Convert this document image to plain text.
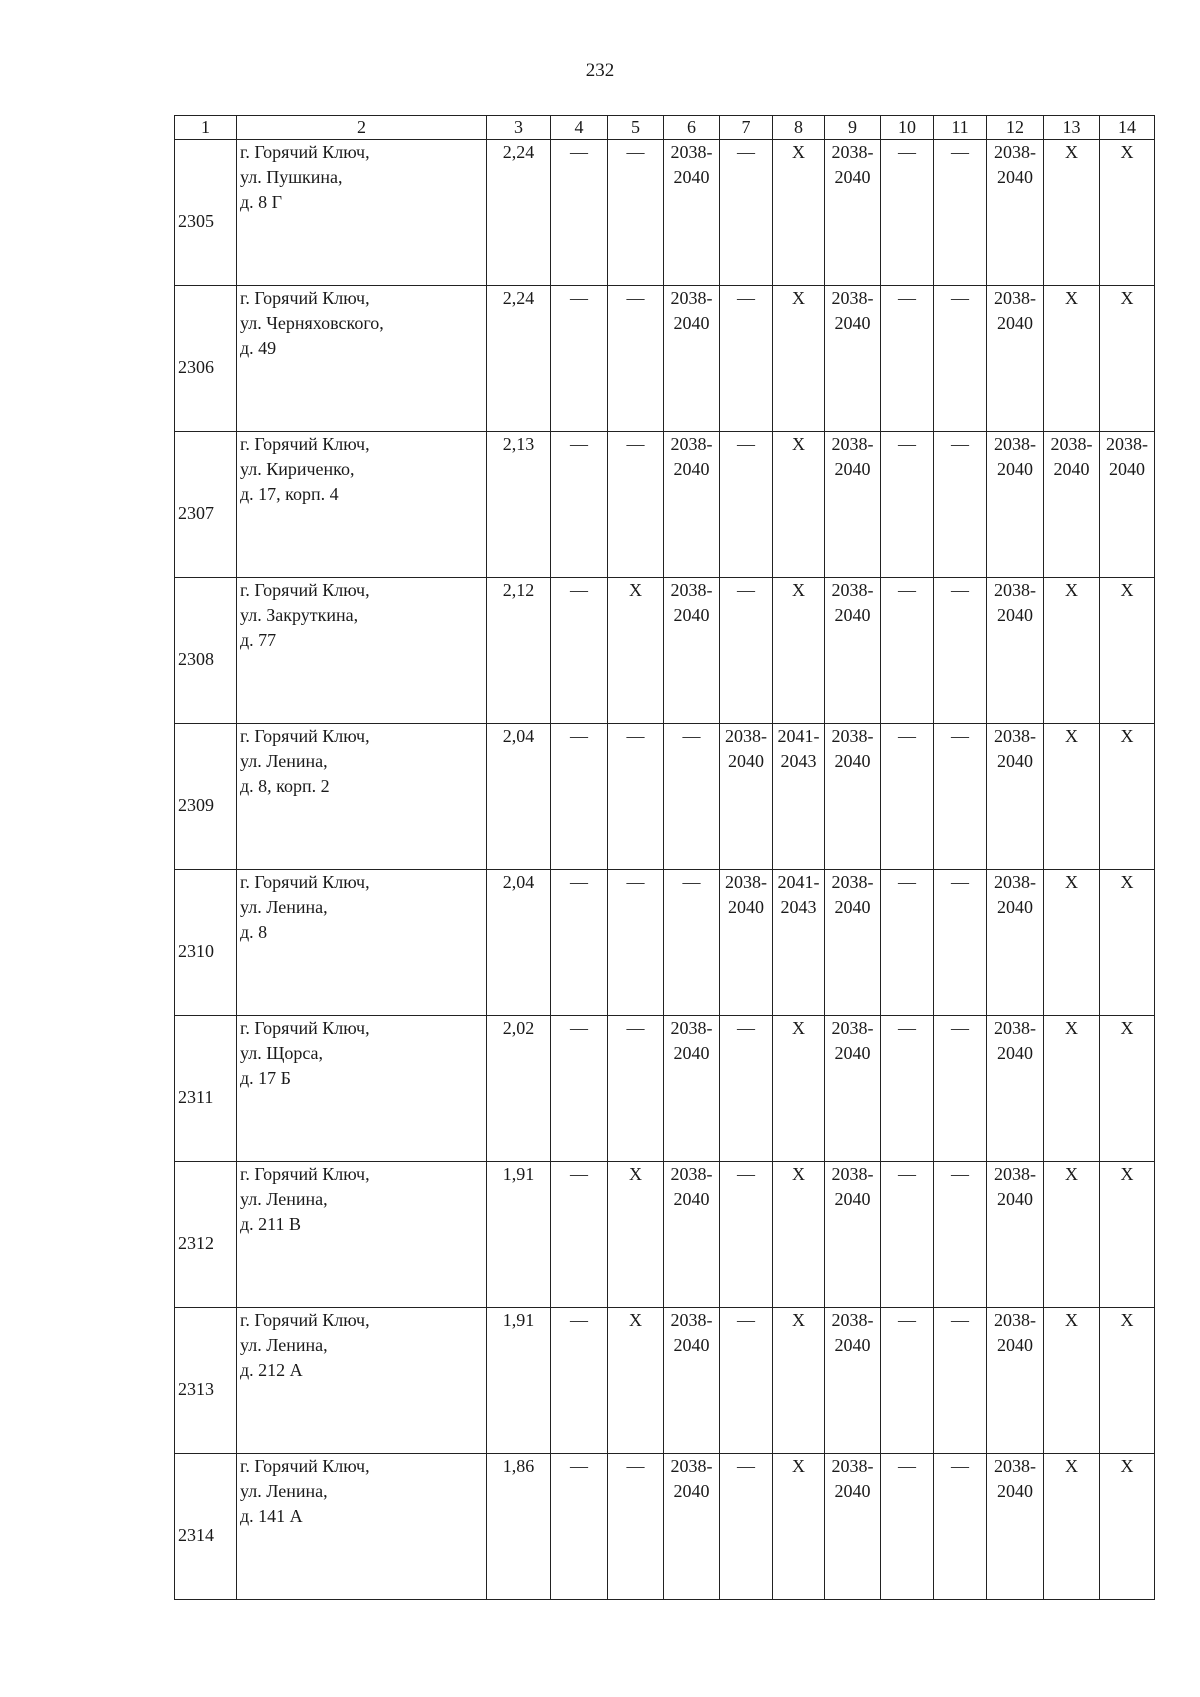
232
1	2	3	4	5	6	7	8	9	10	11	12	13	14

2305	г. Горячий Ключ,
ул. Пушкина,
д. 8 Г	2,24	—	—	2038-2040	—	X	2038-2040	—	—	2038-2040	X	X

2306	г. Горячий Ключ,
ул. Черняховского,
д. 49	2,24	—	—	2038-2040	—	X	2038-2040	—	—	2038-2040	X	X

2307	г. Горячий Ключ,
ул. Кириченко,
д. 17, корп. 4	2,13	—	—	2038-2040	—	X	2038-2040	—	—	2038-2040	2038-2040	2038-2040

2308	г. Горячий Ключ,
ул. Закруткина,
д. 77	2,12	—	X	2038-2040	—	X	2038-2040	—	—	2038-2040	X	X

2309	г. Горячий Ключ,
ул. Ленина,
д. 8, корп. 2	2,04	—	—	—	2038-2040	2041-2043	2038-2040	—	—	2038-2040	X	X

2310	г. Горячий Ключ,
ул. Ленина,
д. 8	2,04	—	—	—	2038-2040	2041-2043	2038-2040	—	—	2038-2040	X	X

2311	г. Горячий Ключ,
ул. Щорса,
д. 17 Б	2,02	—	—	2038-2040	—	X	2038-2040	—	—	2038-2040	X	X

2312	г. Горячий Ключ,
ул. Ленина,
д. 211 В	1,91	—	X	2038-2040	—	X	2038-2040	—	—	2038-2040	X	X

2313	г. Горячий Ключ,
ул. Ленина,
д. 212 А	1,91	—	X	2038-2040	—	X	2038-2040	—	—	2038-2040	X	X

2314	г. Горячий Ключ,
ул. Ленина,
д. 141 А	1,86	—	—	2038-2040	—	X	2038-2040	—	—	2038-2040	X	X
